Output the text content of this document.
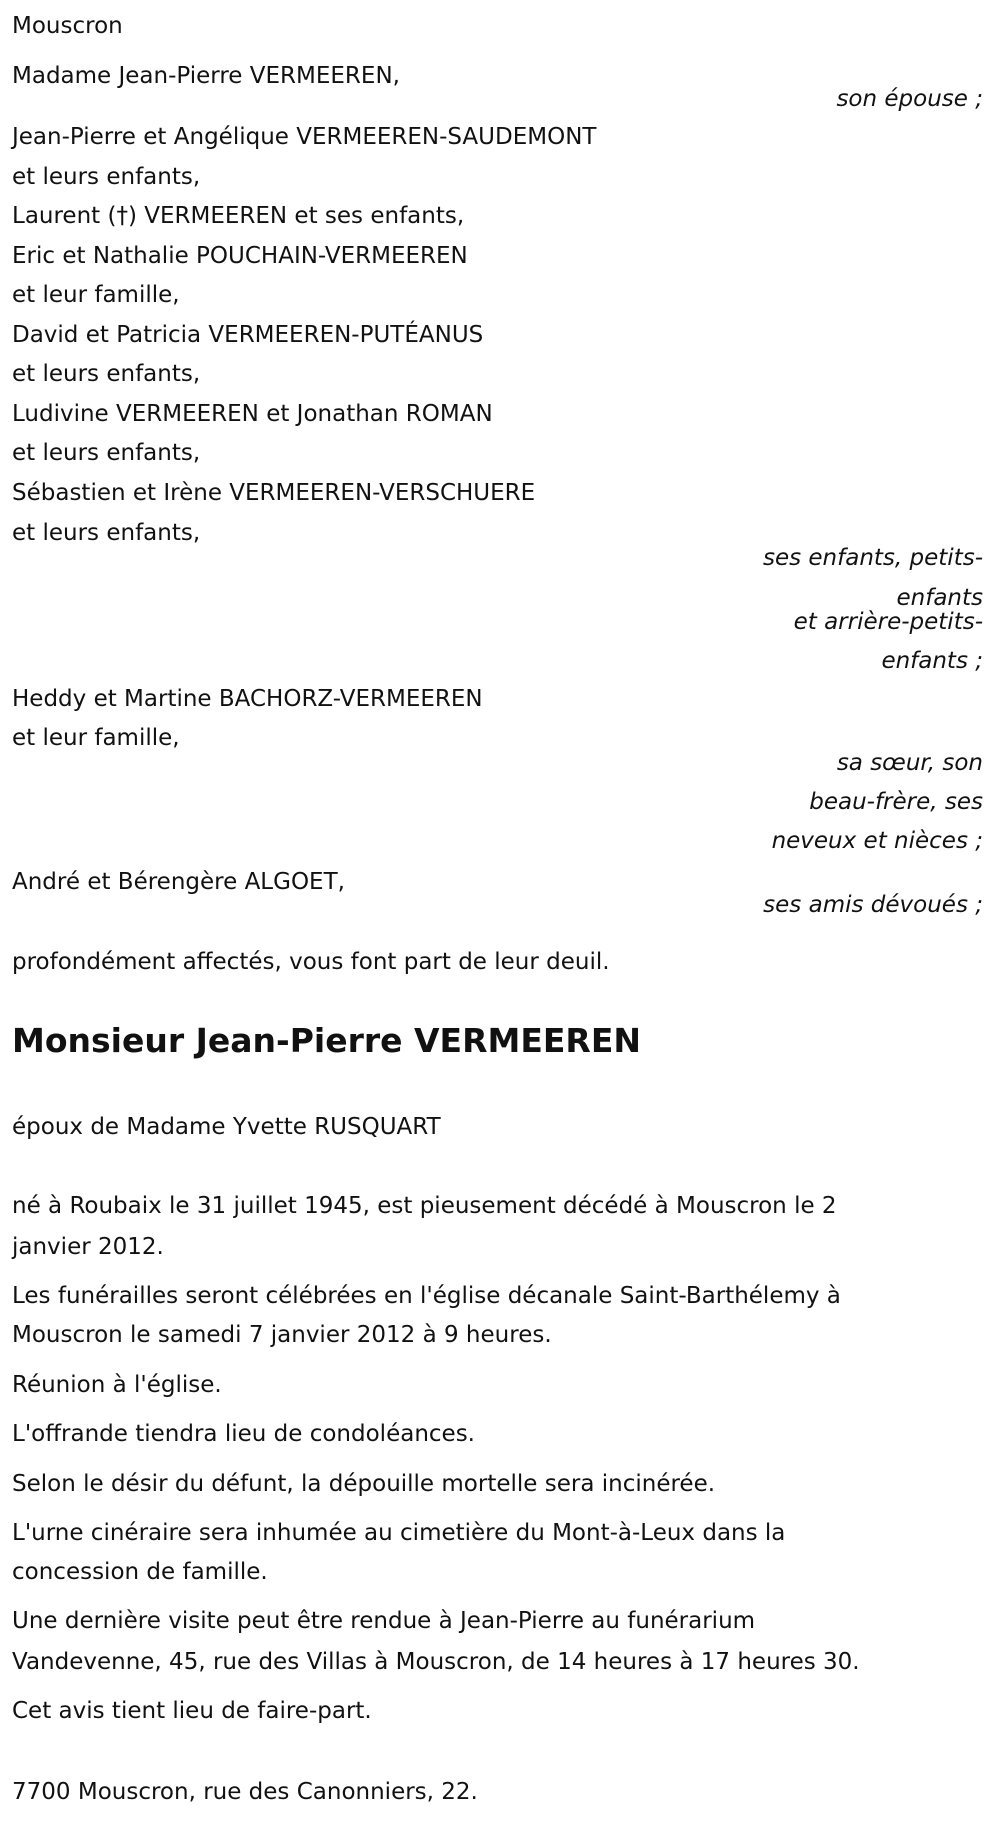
Mouscron
Madame Jean-Pierre VERMEEREN,
son épouse ;
Jean-Pierre et Angélique VERMEEREN-SAUDEMONT
et leurs enfants,
Laurent (†) VERMEEREN et ses enfants,
Eric et Nathalie POUCHAIN-VERMEEREN
et leur famille,
David et Patricia VERMEEREN-PUTÉANUS
et leurs enfants,
Ludivine VERMEEREN et Jonathan ROMAN
et leurs enfants,
Sébastien et Irène VERMEEREN-VERSCHUERE
et leurs enfants,
ses enfants, petits-
enfants
et arrière-petits-
enfants ;
Heddy et Martine BACHORZ-VERMEEREN
et leur famille,
sa sœur, son
beau-frère, ses
neveux et nièces ;
André et Bérengère ALGOET,
ses amis dévoués ;
profondément affectés, vous font part de leur deuil.
Monsieur Jean-Pierre VERMEEREN
époux de Madame Yvette RUSQUART
né à Roubaix le 31 juillet 1945, est pieusement décédé à Mouscron le 2
janvier 2012.
Les funérailles seront célébrées en l'église décanale Saint-Barthélemy à
Mouscron le samedi 7 janvier 2012 à 9 heures.
Réunion à l'église.
L'offrande tiendra lieu de condoléances.
Selon le désir du défunt, la dépouille mortelle sera incinérée.
L'urne cinéraire sera inhumée au cimetière du Mont-à-Leux dans la
concession de famille.
Une dernière visite peut être rendue à Jean-Pierre au funérarium
Vandevenne, 45, rue des Villas à Mouscron, de 14 heures à 17 heures 30.
Cet avis tient lieu de faire-part.
7700 Mouscron, rue des Canonniers, 22.
